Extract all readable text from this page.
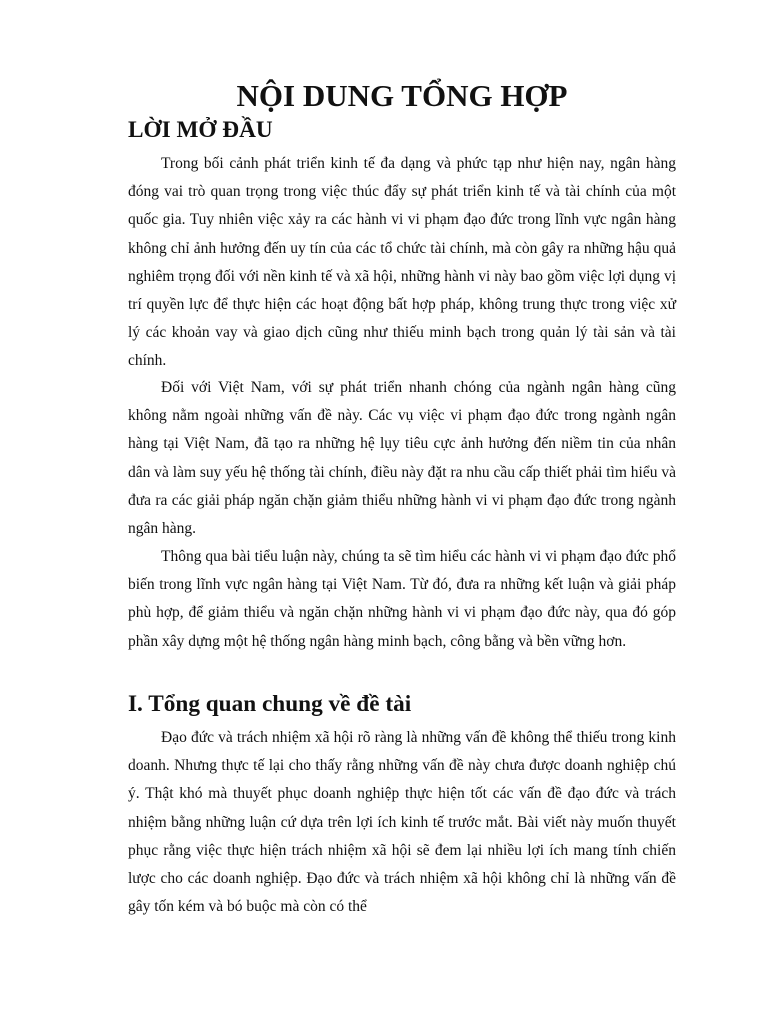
NỘI DUNG TỔNG HỢP
LỜI MỞ ĐẦU

Trong bối cảnh phát triển kinh tế đa dạng và phức tạp như hiện nay, ngân hàng đóng vai trò quan trọng trong việc thúc đẩy sự phát triển kinh tế và tài chính của một quốc gia. Tuy nhiên việc xảy ra các hành vi vi phạm đạo đức trong lĩnh vực ngân hàng không chỉ ảnh hưởng đến uy tín của các tổ chức tài chính, mà còn gây ra những hậu quả nghiêm trọng đối với nền kinh tế và xã hội, những hành vi này bao gồm việc lợi dụng vị trí quyền lực để thực hiện các hoạt động bất hợp pháp, không trung thực trong việc xử lý các khoản vay và giao dịch cũng như thiếu minh bạch trong quản lý tài sản và tài chính.

Đối với Việt Nam, với sự phát triển nhanh chóng của ngành ngân hàng cũng không nằm ngoài những vấn đề này. Các vụ việc vi phạm đạo đức trong ngành ngân hàng tại Việt Nam, đã tạo ra những hệ lụy tiêu cực ảnh hưởng đến niềm tin của nhân dân và làm suy yếu hệ thống tài chính, điều này đặt ra nhu cầu cấp thiết phải tìm hiểu và đưa ra các giải pháp ngăn chặn giảm thiểu những hành vi vi phạm đạo đức trong ngành ngân hàng.

Thông qua bài tiểu luận này, chúng ta sẽ tìm hiểu các hành vi vi phạm đạo đức phổ biến trong lĩnh vực ngân hàng tại Việt Nam. Từ đó, đưa ra những kết luận và giải pháp phù hợp, để giảm thiểu và ngăn chặn những hành vi vi phạm đạo đức này, qua đó góp phần xây dựng một hệ thống ngân hàng minh bạch, công bằng và bền vững hơn.

I. Tổng quan chung về đề tài

Đạo đức và trách nhiệm xã hội rõ ràng là những vấn đề không thể thiếu trong kinh doanh. Nhưng thực tế lại cho thấy rằng những vấn đề này chưa được doanh nghiệp chú ý. Thật khó mà thuyết phục doanh nghiệp thực hiện tốt các vấn đề đạo đức và trách nhiệm bằng những luận cứ dựa trên lợi ích kinh tế trước mắt. Bài viết này muốn thuyết phục rằng việc thực hiện trách nhiệm xã hội sẽ đem lại nhiều lợi ích mang tính chiến lược cho các doanh nghiệp. Đạo đức và trách nhiệm xã hội không chỉ là những vấn đề gây tốn kém và bó buộc mà còn có thể
